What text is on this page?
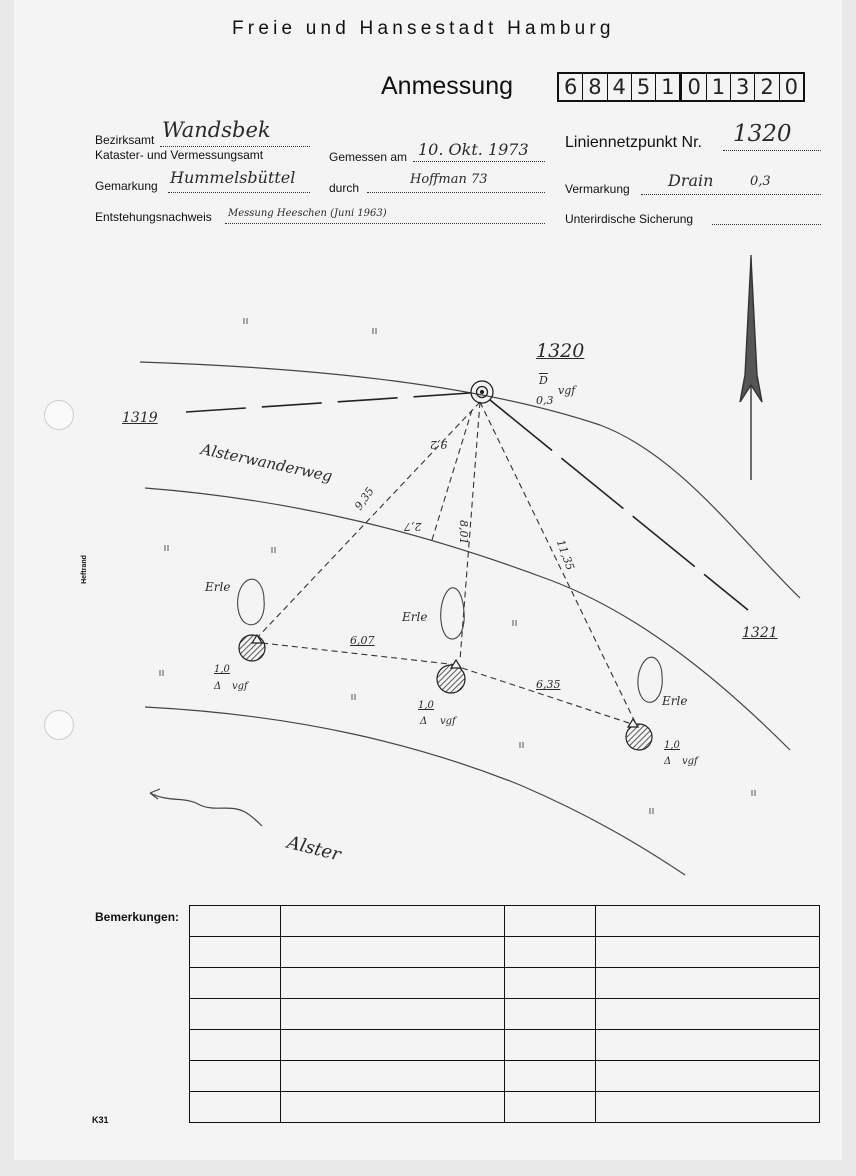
Freie und Hansestadt Hamburg
Anmessung 6 8 4 5 1 0 1 3 2 0
Bezirksamt Wandsbek
Kataster- und Vermessungsamt	Gemessen am 10. Okt. 1973 Liniennetzpunkt Nr. 1320
Gemarkung Hummelsbüttel
durch
Hoffman 73
Vermarkung Drain	0,3
Entstehungsnachweis Messung Heeschen (Juni 1963)	Unterirdische Sicherung
1320
$\overline{D}$
0,3
vgf
1319
1321
Alsterwanderweg
Alster
Erle
Erle
Erle
9,35
8,01
11,35
6,07
6,35
9,2
2,7
1,0
Δ vgf
1,0
Δ vgf
1,0
Δ vgf
Heftrand
Bemerkungen:

K31
